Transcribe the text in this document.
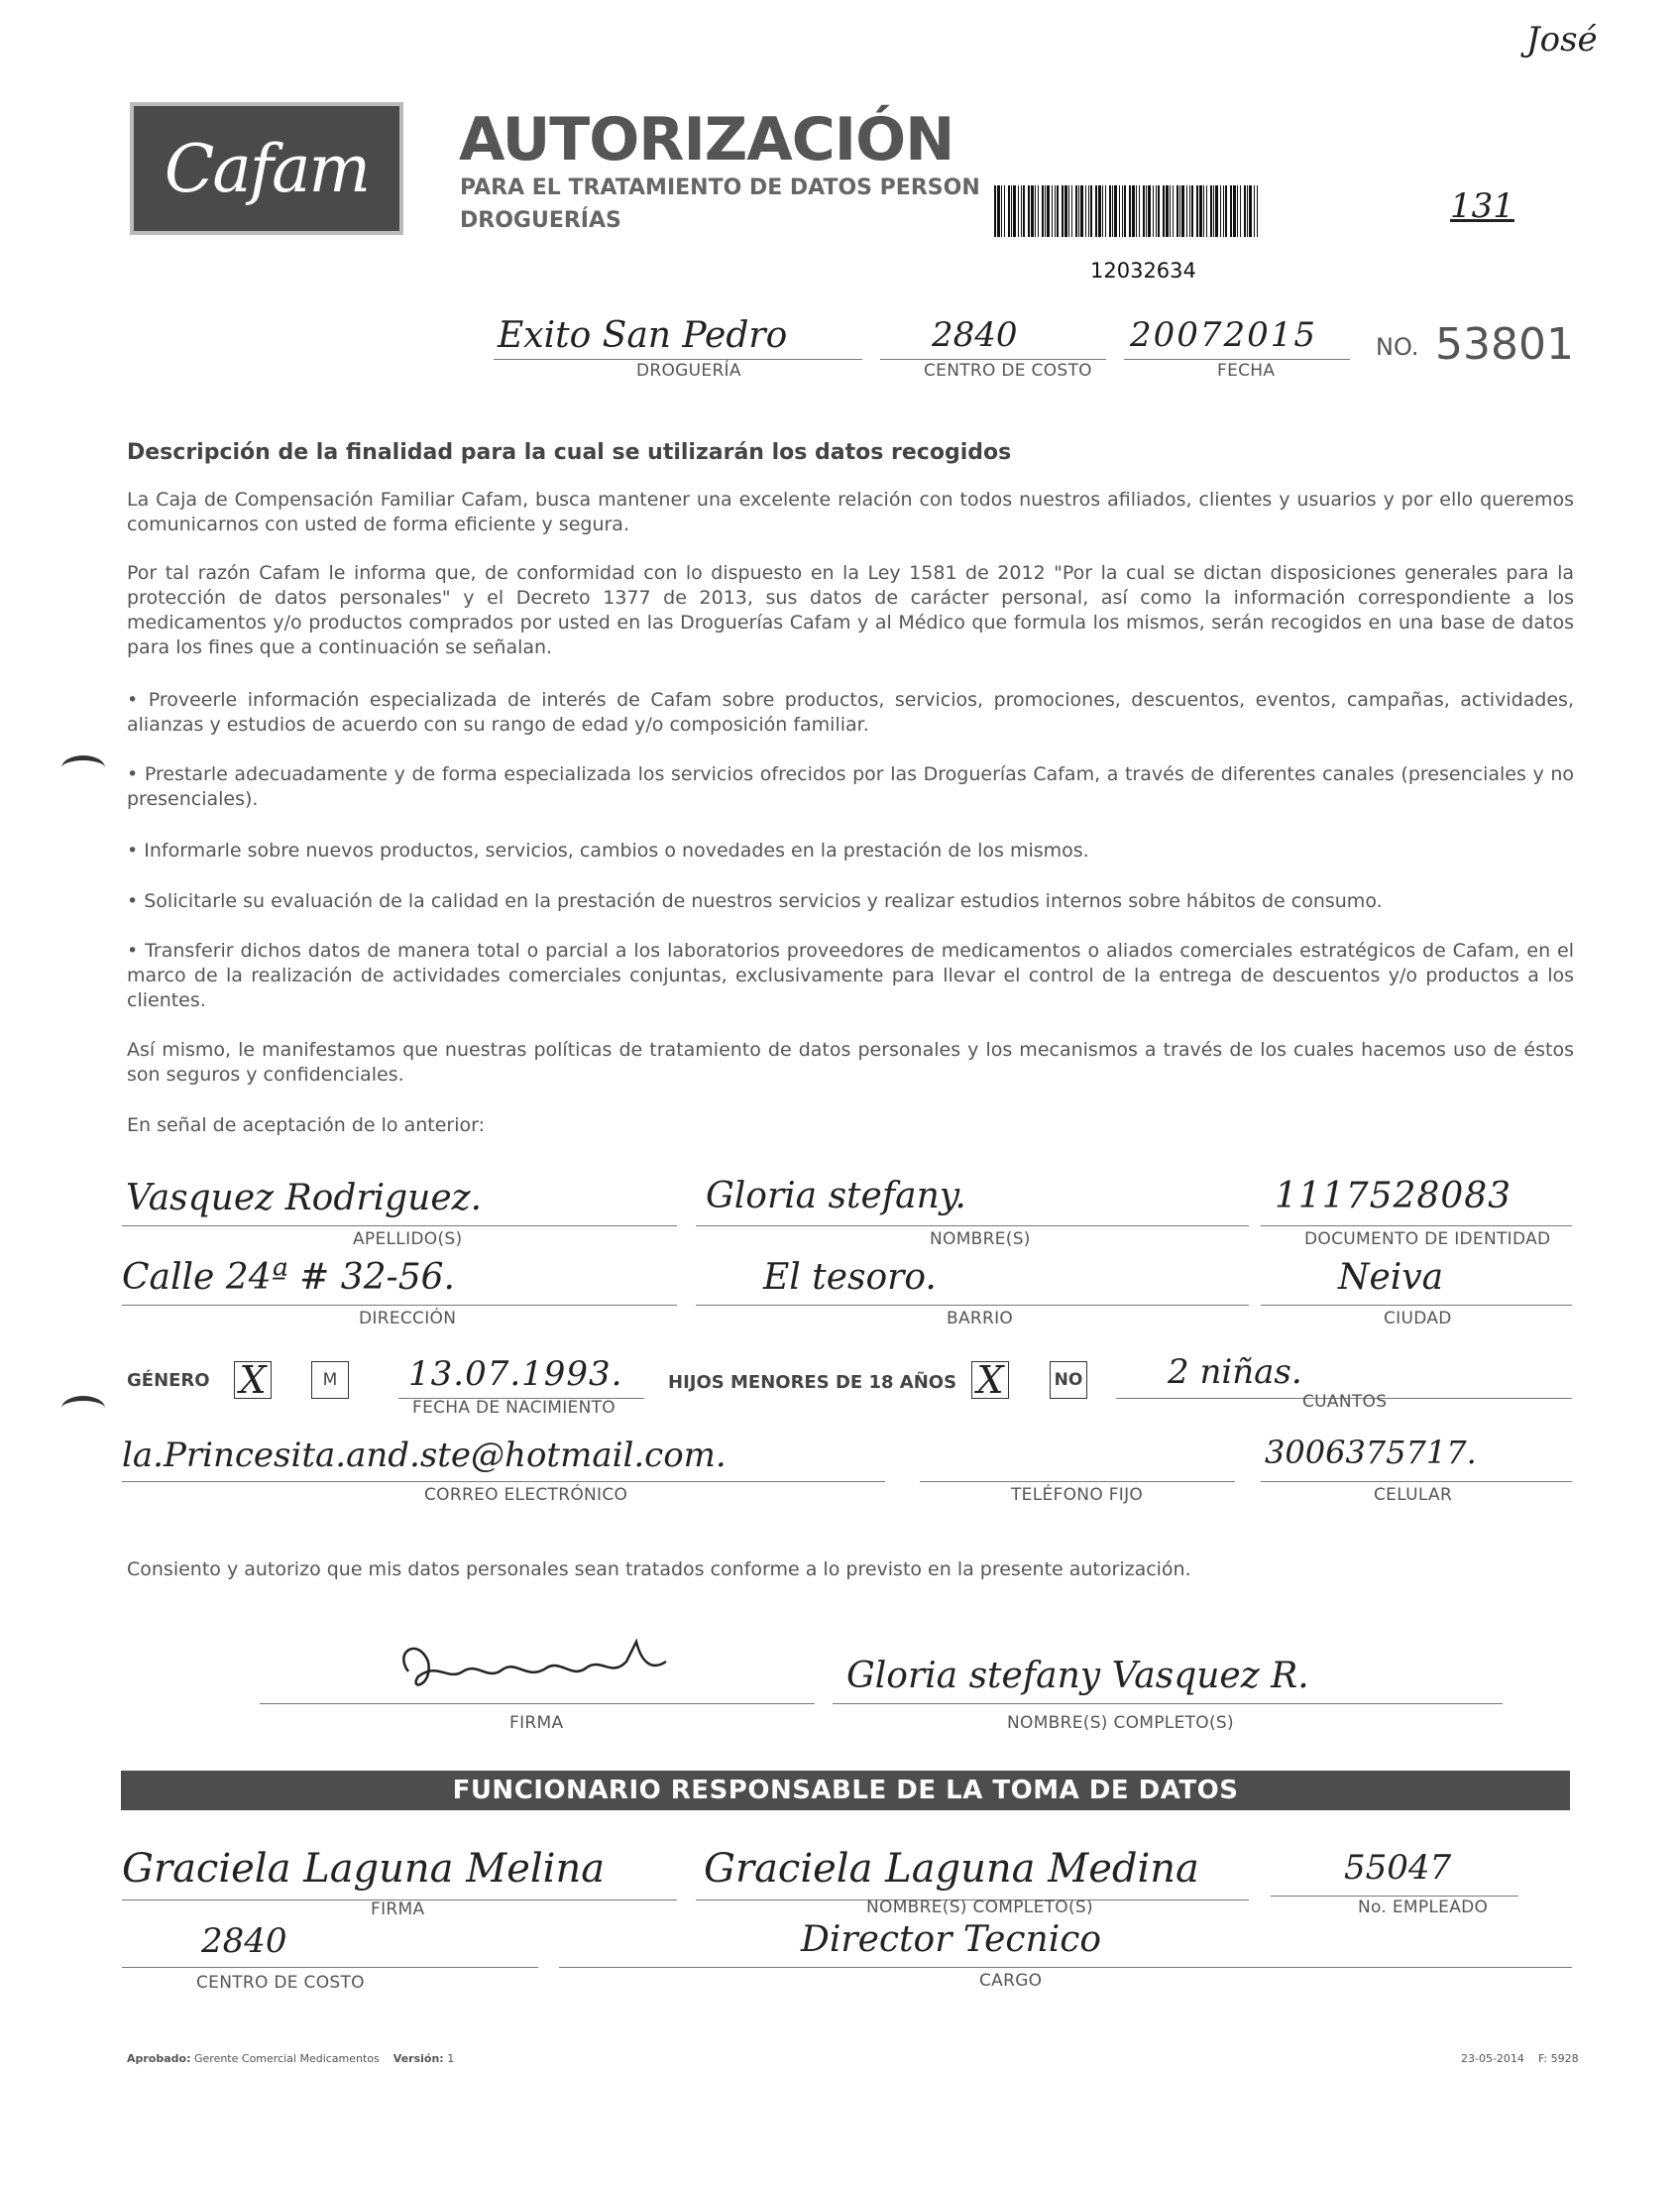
José
131
Cafam AUTORIZACIÓN
PARA EL TRATAMIENTO DE DATOS PERSON
DROGUERÍAS
12032634
Exito San Pedro
DROGUERÍA
2840
CENTRO DE COSTO
20072015
FECHA
NO. 53801
Descripción de la finalidad para la cual se utilizarán los datos recogidos
La Caja de Compensación Familiar Cafam, busca mantener una excelente relación con todos nuestros afiliados, clientes y usuarios y por ello queremos comunicarnos con usted de forma eficiente y segura.
Por tal razón Cafam le informa que, de conformidad con lo dispuesto en la Ley 1581 de 2012 "Por la cual se dictan disposiciones generales para la protección de datos personales" y el Decreto 1377 de 2013, sus datos de carácter personal, así como la información correspondiente a los medicamentos y/o productos comprados por usted en las Droguerías Cafam y al Médico que formula los mismos, serán recogidos en una base de datos para los fines que a continuación se señalan.
• Proveerle información especializada de interés de Cafam sobre productos, servicios, promociones, descuentos, eventos, campañas, actividades, alianzas y estudios de acuerdo con su rango de edad y/o composición familiar.
• Prestarle adecuadamente y de forma especializada los servicios ofrecidos por las Droguerías Cafam, a través de diferentes canales (presenciales y no presenciales).
• Informarle sobre nuevos productos, servicios, cambios o novedades en la prestación de los mismos.
• Solicitarle su evaluación de la calidad en la prestación de nuestros servicios y realizar estudios internos sobre hábitos de consumo.
• Transferir dichos datos de manera total o parcial a los laboratorios proveedores de medicamentos o aliados comerciales estratégicos de Cafam, en el marco de la realización de actividades comerciales conjuntas, exclusivamente para llevar el control de la entrega de descuentos y/o productos a los clientes.
Así mismo, le manifestamos que nuestras políticas de tratamiento de datos personales y los mecanismos a través de los cuales hacemos uso de éstos son seguros y confidenciales.
En señal de aceptación de lo anterior:
Vasquez Rodriguez.
APELLIDO(S)
Gloria stefany.
NOMBRE(S)
1117528083
DOCUMENTO DE IDENTIDAD
Calle 24ª # 32-56.
DIRECCIÓN
El tesoro.
BARRIO
Neiva
CIUDAD
GÉNERO X	M	13.07.1993.
FECHA DE NACIMIENTO
HIJOS MENORES DE 18 AÑOS X	NO	2 niñas.
CUANTOS
la.Princesita.and.ste@hotmail.com.
CORREO ELECTRÓNICO	TELÉFONO FIJO
3006375717.
CELULAR
Consiento y autorizo que mis datos personales sean tratados conforme a lo previsto en la presente autorización.
FIRMA
Gloria stefany Vasquez R.
NOMBRE(S) COMPLETO(S)
FUNCIONARIO RESPONSABLE DE LA TOMA DE DATOS
Graciela Laguna Melina
FIRMA
Graciela Laguna Medina
NOMBRE(S) COMPLETO(S)
55047
No. EMPLEADO
2840
CENTRO DE COSTO
Director Tecnico
CARGO
Aprobado: Gerente Comercial Medicamentos Versión: 1	23-05-2014 F: 5928
